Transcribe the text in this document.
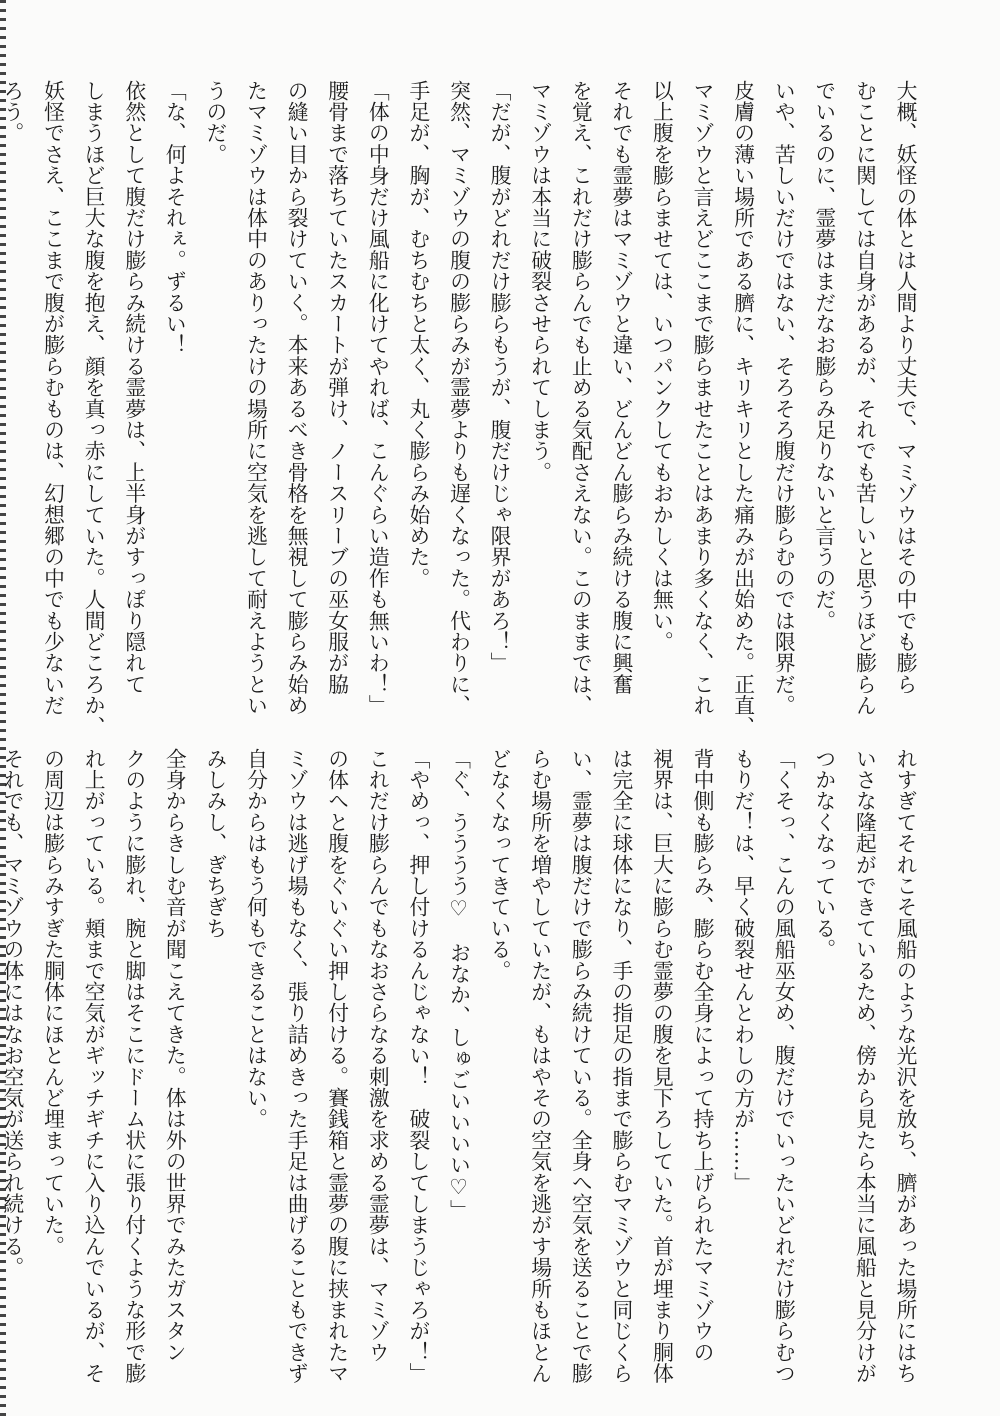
大概、妖怪の体とは人間より丈夫で、マミゾウはその中でも膨ら
むことに関しては自身があるが、それでも苦しいと思うほど膨らん
でいるのに、霊夢はまだなお膨らみ足りないと言うのだ。
いや、苦しいだけではない、そろそろ腹だけ膨らむのでは限界だ。
皮膚の薄い場所である臍に、キリキリとした痛みが出始めた。正直、
マミゾウと言えどここまで膨らませたことはあまり多くなく、これ
以上腹を膨らませては、いつパンクしてもおかしくは無い。
それでも霊夢はマミゾウと違い、どんどん膨らみ続ける腹に興奮
を覚え、これだけ膨らんでも止める気配さえない。このままでは、
マミゾウは本当に破裂させられてしまう。
「だが、腹がどれだけ膨らもうが、腹だけじゃ限界があろ！」
突然、マミゾウの腹の膨らみが霊夢よりも遅くなった。代わりに、
手足が、胸が、むちむちと太く、丸く膨らみ始めた。
「体の中身だけ風船に化けてやれば、こんぐらい造作も無いわ！」
腰骨まで落ちていたスカートが弾け、ノースリーブの巫女服が脇
の縫い目から裂けていく。本来あるべき骨格を無視して膨らみ始め
たマミゾウは体中のありったけの場所に空気を逃して耐えようとい
うのだ。
「な、何よそれぇ。ずるい！
依然として腹だけ膨らみ続ける霊夢は、上半身がすっぽり隠れて
しまうほど巨大な腹を抱え、顔を真っ赤にしていた。人間どころか、
妖怪でさえ、ここまで腹が膨らむものは、幻想郷の中でも少ないだ
ろう。
れすぎてそれこそ風船のような光沢を放ち、臍があった場所にはち
いさな隆起ができているため、傍から見たら本当に風船と見分けが
つかなくなっている。
「くそっ、こんの風船巫女め、腹だけでいったいどれだけ膨らむつ
もりだ！は、早く破裂せんとわしの方が……」
背中側も膨らみ、膨らむ全身によって持ち上げられたマミゾウの
視界は、巨大に膨らむ霊夢の腹を見下ろしていた。首が埋まり胴体
は完全に球体になり、手の指足の指まで膨らむマミゾウと同じくら
い、霊夢は腹だけで膨らみ続けている。全身へ空気を送ることで膨
らむ場所を増やしていたが、もはやその空気を逃がす場所もほとん
どなくなってきている。
「ぐ、うううう♡　おなか、しゅごいいいい♡」
「やめっ、押し付けるんじゃない！　破裂してしまうじゃろが！」
これだけ膨らんでもなおさらなる刺激を求める霊夢は、マミゾウ
の体へと腹をぐいぐい押し付ける。賽銭箱と霊夢の腹に挟まれたマ
ミゾウは逃げ場もなく、張り詰めきった手足は曲げることもできず
自分からはもう何もできることはない。
みしみし、ぎちぎち
全身からきしむ音が聞こえてきた。体は外の世界でみたガスタン
クのように膨れ、腕と脚はそこにドーム状に張り付くような形で膨
れ上がっている。頬まで空気がギッチギチに入り込んでいるが、そ
の周辺は膨らみすぎた胴体にほとんど埋まっていた。
それでも、マミゾウの体にはなお空気が送られ続ける。
